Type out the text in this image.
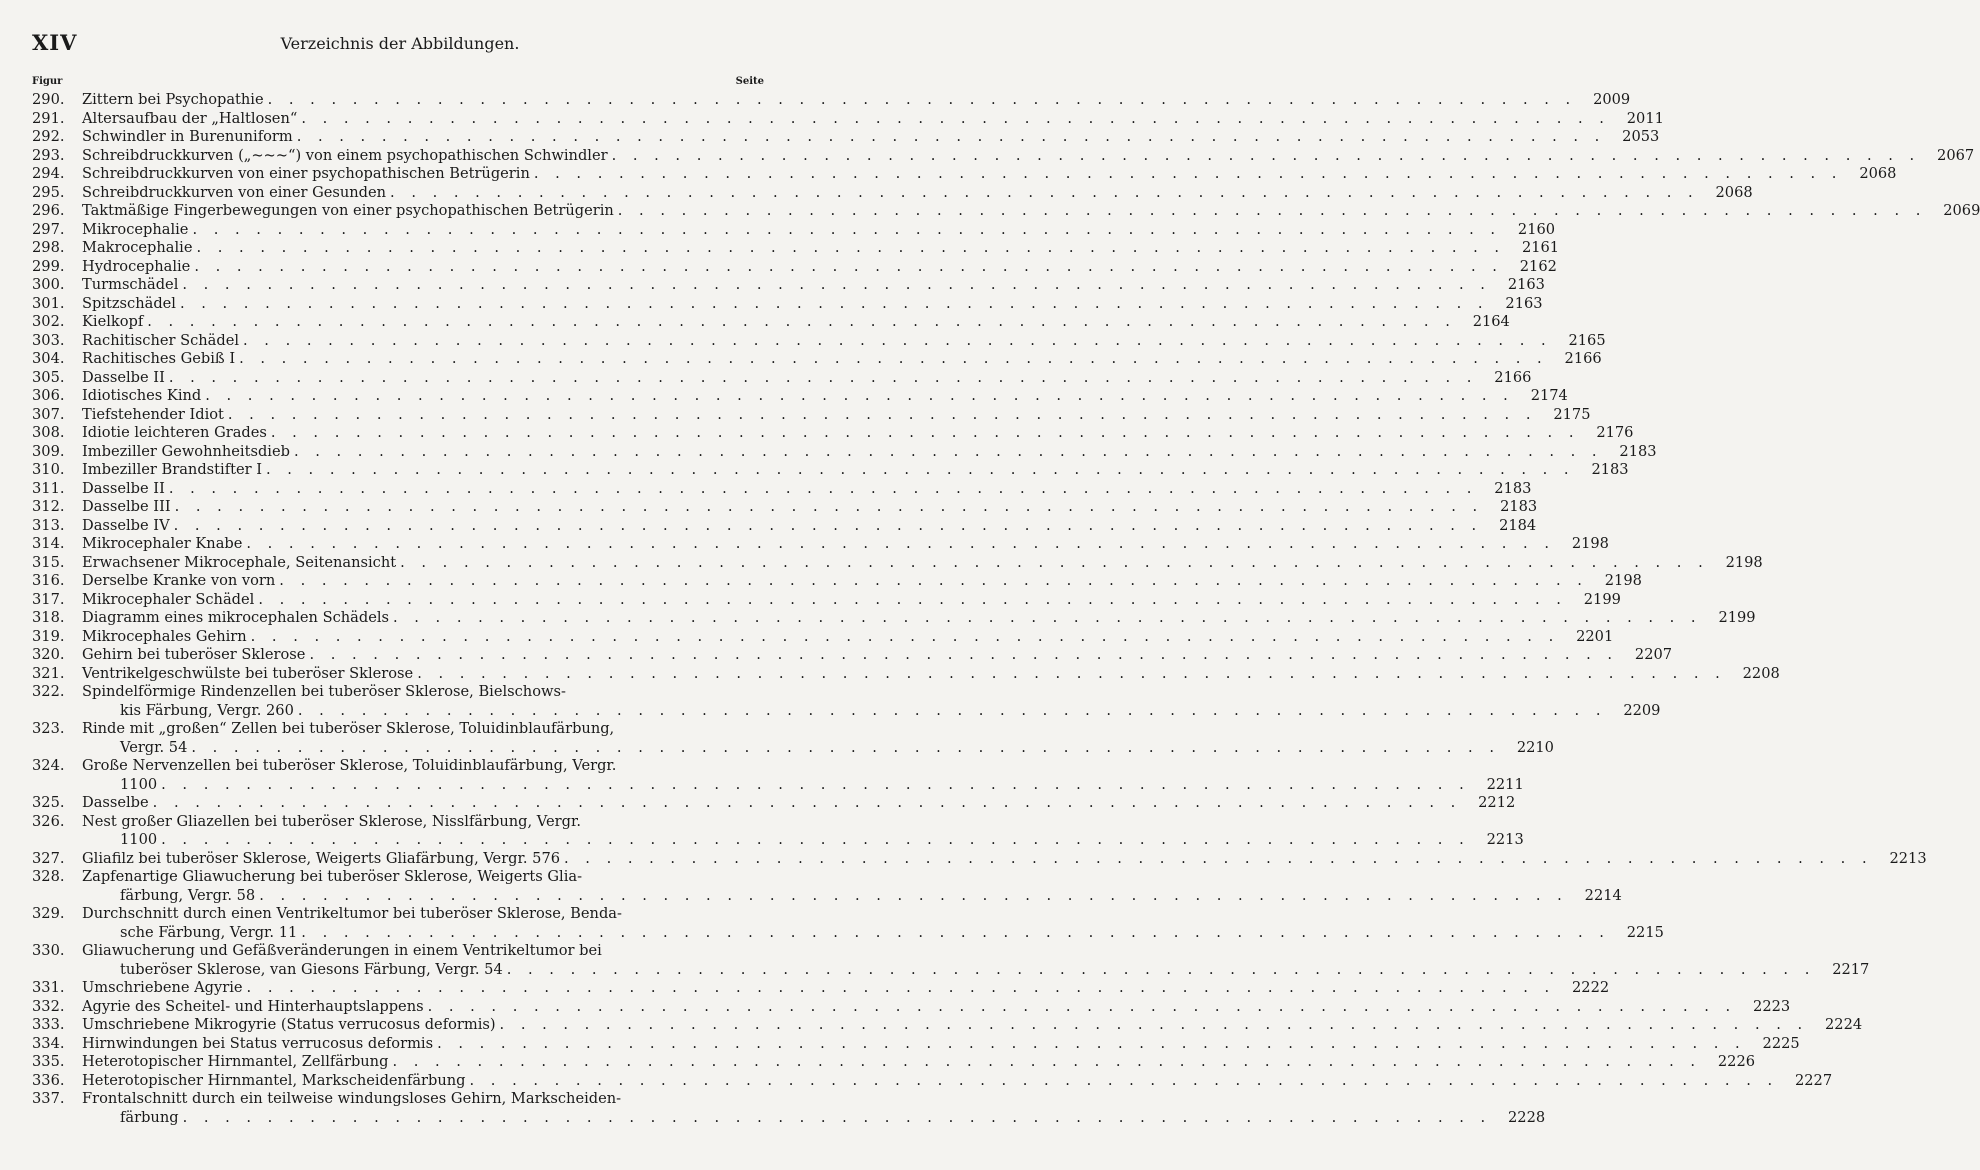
XIV	Verzeichnis der Abbildungen.
Figur	Seite
290.	Zittern bei Psychopathie . . . . . . . . . . . . . . . . . . . . . . . . . . . . . . . . . . . . . . . . . . . . . . . . . . . . . . . . . . . . . .	2009
291.	Altersaufbau der „Haltlosen“ . . . . . . . . . . . . . . . . . . . . . . . . . . . . . . . . . . . . . . . . . . . . . . . . . . . . . . . . . . . . . .	2011
292.	Schwindler in Burenuniform . . . . . . . . . . . . . . . . . . . . . . . . . . . . . . . . . . . . . . . . . . . . . . . . . . . . . . . . . . . . . .	2053
293.	Schreibdruckkurven („~~~“) von einem psychopathischen Schwindler . . . . . . . . . . . . . . . . . . . . . . . . . . . . . . . . . . . . . . . . . . . . . . . . . . . . . . . . . . . . . .	2067
294.	Schreibdruckkurven von einer psychopathischen Betrügerin . . . . . . . . . . . . . . . . . . . . . . . . . . . . . . . . . . . . . . . . . . . . . . . . . . . . . . . . . . . . . .	2068
295.	Schreibdruckkurven von einer Gesunden . . . . . . . . . . . . . . . . . . . . . . . . . . . . . . . . . . . . . . . . . . . . . . . . . . . . . . . . . . . . . .	2068
296.	Taktmäßige Fingerbewegungen von einer psychopathischen Betrügerin . . . . . . . . . . . . . . . . . . . . . . . . . . . . . . . . . . . . . . . . . . . . . . . . . . . . . . . . . . . . . .	2069
297.	Mikrocephalie . . . . . . . . . . . . . . . . . . . . . . . . . . . . . . . . . . . . . . . . . . . . . . . . . . . . . . . . . . . . . .	2160
298.	Makrocephalie . . . . . . . . . . . . . . . . . . . . . . . . . . . . . . . . . . . . . . . . . . . . . . . . . . . . . . . . . . . . . .	2161
299.	Hydrocephalie . . . . . . . . . . . . . . . . . . . . . . . . . . . . . . . . . . . . . . . . . . . . . . . . . . . . . . . . . . . . . .	2162
300.	Turmschädel . . . . . . . . . . . . . . . . . . . . . . . . . . . . . . . . . . . . . . . . . . . . . . . . . . . . . . . . . . . . . .	2163
301.	Spitzschädel . . . . . . . . . . . . . . . . . . . . . . . . . . . . . . . . . . . . . . . . . . . . . . . . . . . . . . . . . . . . . .	2163
302.	Kielkopf . . . . . . . . . . . . . . . . . . . . . . . . . . . . . . . . . . . . . . . . . . . . . . . . . . . . . . . . . . . . . .	2164
303.	Rachitischer Schädel . . . . . . . . . . . . . . . . . . . . . . . . . . . . . . . . . . . . . . . . . . . . . . . . . . . . . . . . . . . . . .	2165
304.	Rachitisches Gebiß I . . . . . . . . . . . . . . . . . . . . . . . . . . . . . . . . . . . . . . . . . . . . . . . . . . . . . . . . . . . . . .	2166
305.	Dasselbe II . . . . . . . . . . . . . . . . . . . . . . . . . . . . . . . . . . . . . . . . . . . . . . . . . . . . . . . . . . . . . .	2166
306.	Idiotisches Kind . . . . . . . . . . . . . . . . . . . . . . . . . . . . . . . . . . . . . . . . . . . . . . . . . . . . . . . . . . . . . .	2174
307.	Tiefstehender Idiot . . . . . . . . . . . . . . . . . . . . . . . . . . . . . . . . . . . . . . . . . . . . . . . . . . . . . . . . . . . . . .	2175
308.	Idiotie leichteren Grades . . . . . . . . . . . . . . . . . . . . . . . . . . . . . . . . . . . . . . . . . . . . . . . . . . . . . . . . . . . . . .	2176
309.	Imbeziller Gewohnheitsdieb . . . . . . . . . . . . . . . . . . . . . . . . . . . . . . . . . . . . . . . . . . . . . . . . . . . . . . . . . . . . . .	2183
310.	Imbeziller Brandstifter I . . . . . . . . . . . . . . . . . . . . . . . . . . . . . . . . . . . . . . . . . . . . . . . . . . . . . . . . . . . . . .	2183
311.	Dasselbe II . . . . . . . . . . . . . . . . . . . . . . . . . . . . . . . . . . . . . . . . . . . . . . . . . . . . . . . . . . . . . .	2183
312.	Dasselbe III . . . . . . . . . . . . . . . . . . . . . . . . . . . . . . . . . . . . . . . . . . . . . . . . . . . . . . . . . . . . . .	2183
313.	Dasselbe IV . . . . . . . . . . . . . . . . . . . . . . . . . . . . . . . . . . . . . . . . . . . . . . . . . . . . . . . . . . . . . .	2184
314.	Mikrocephaler Knabe . . . . . . . . . . . . . . . . . . . . . . . . . . . . . . . . . . . . . . . . . . . . . . . . . . . . . . . . . . . . . .	2198
315.	Erwachsener Mikrocephale, Seitenansicht . . . . . . . . . . . . . . . . . . . . . . . . . . . . . . . . . . . . . . . . . . . . . . . . . . . . . . . . . . . . . .	2198
316.	Derselbe Kranke von vorn . . . . . . . . . . . . . . . . . . . . . . . . . . . . . . . . . . . . . . . . . . . . . . . . . . . . . . . . . . . . . .	2198
317.	Mikrocephaler Schädel . . . . . . . . . . . . . . . . . . . . . . . . . . . . . . . . . . . . . . . . . . . . . . . . . . . . . . . . . . . . . .	2199
318.	Diagramm eines mikrocephalen Schädels . . . . . . . . . . . . . . . . . . . . . . . . . . . . . . . . . . . . . . . . . . . . . . . . . . . . . . . . . . . . . .	2199
319.	Mikrocephales Gehirn . . . . . . . . . . . . . . . . . . . . . . . . . . . . . . . . . . . . . . . . . . . . . . . . . . . . . . . . . . . . . .	2201
320.	Gehirn bei tuberöser Sklerose . . . . . . . . . . . . . . . . . . . . . . . . . . . . . . . . . . . . . . . . . . . . . . . . . . . . . . . . . . . . . .	2207
321.	Ventrikelgeschwülste bei tuberöser Sklerose . . . . . . . . . . . . . . . . . . . . . . . . . . . . . . . . . . . . . . . . . . . . . . . . . . . . . . . . . . . . . .	2208
322.	Spindelförmige Rindenzellen bei tuberöser Sklerose, Bielschows-
kis Färbung, Vergr. 260 . . . . . . . . . . . . . . . . . . . . . . . . . . . . . . . . . . . . . . . . . . . . . . . . . . . . . . . . . . . . . .	2209
323.	Rinde mit „großen“ Zellen bei tuberöser Sklerose, Toluidinblaufärbung,
Vergr. 54 . . . . . . . . . . . . . . . . . . . . . . . . . . . . . . . . . . . . . . . . . . . . . . . . . . . . . . . . . . . . . .	2210
324.	Große Nervenzellen bei tuberöser Sklerose, Toluidinblaufärbung, Vergr.
1100 . . . . . . . . . . . . . . . . . . . . . . . . . . . . . . . . . . . . . . . . . . . . . . . . . . . . . . . . . . . . . .	2211
325.	Dasselbe . . . . . . . . . . . . . . . . . . . . . . . . . . . . . . . . . . . . . . . . . . . . . . . . . . . . . . . . . . . . . .	2212
326.	Nest großer Gliazellen bei tuberöser Sklerose, Nisslfärbung, Vergr.
1100 . . . . . . . . . . . . . . . . . . . . . . . . . . . . . . . . . . . . . . . . . . . . . . . . . . . . . . . . . . . . . .	2213
327.	Gliafilz bei tuberöser Sklerose, Weigerts Gliafärbung, Vergr. 576 . . . . . . . . . . . . . . . . . . . . . . . . . . . . . . . . . . . . . . . . . . . . . . . . . . . . . . . . . . . . . .	2213
328.	Zapfenartige Gliawucherung bei tuberöser Sklerose, Weigerts Glia-
färbung, Vergr. 58 . . . . . . . . . . . . . . . . . . . . . . . . . . . . . . . . . . . . . . . . . . . . . . . . . . . . . . . . . . . . . .	2214
329.	Durchschnitt durch einen Ventrikeltumor bei tuberöser Sklerose, Benda-
sche Färbung, Vergr. 11 . . . . . . . . . . . . . . . . . . . . . . . . . . . . . . . . . . . . . . . . . . . . . . . . . . . . . . . . . . . . . .	2215
330.	Gliawucherung und Gefäßveränderungen in einem Ventrikeltumor bei
tuberöser Sklerose, van Giesons Färbung, Vergr. 54 . . . . . . . . . . . . . . . . . . . . . . . . . . . . . . . . . . . . . . . . . . . . . . . . . . . . . . . . . . . . . .	2217
331.	Umschriebene Agyrie . . . . . . . . . . . . . . . . . . . . . . . . . . . . . . . . . . . . . . . . . . . . . . . . . . . . . . . . . . . . . .	2222
332.	Agyrie des Scheitel- und Hinterhauptslappens . . . . . . . . . . . . . . . . . . . . . . . . . . . . . . . . . . . . . . . . . . . . . . . . . . . . . . . . . . . . . .	2223
333.	Umschriebene Mikrogyrie (Status verrucosus deformis) . . . . . . . . . . . . . . . . . . . . . . . . . . . . . . . . . . . . . . . . . . . . . . . . . . . . . . . . . . . . . .	2224
334.	Hirnwindungen bei Status verrucosus deformis . . . . . . . . . . . . . . . . . . . . . . . . . . . . . . . . . . . . . . . . . . . . . . . . . . . . . . . . . . . . . .	2225
335.	Heterotopischer Hirnmantel, Zellfärbung . . . . . . . . . . . . . . . . . . . . . . . . . . . . . . . . . . . . . . . . . . . . . . . . . . . . . . . . . . . . . .	2226
336.	Heterotopischer Hirnmantel, Markscheidenfärbung . . . . . . . . . . . . . . . . . . . . . . . . . . . . . . . . . . . . . . . . . . . . . . . . . . . . . . . . . . . . . .	2227
337.	Frontalschnitt durch ein teilweise windungsloses Gehirn, Markscheiden-
färbung . . . . . . . . . . . . . . . . . . . . . . . . . . . . . . . . . . . . . . . . . . . . . . . . . . . . . . . . . . . . . .	2228
